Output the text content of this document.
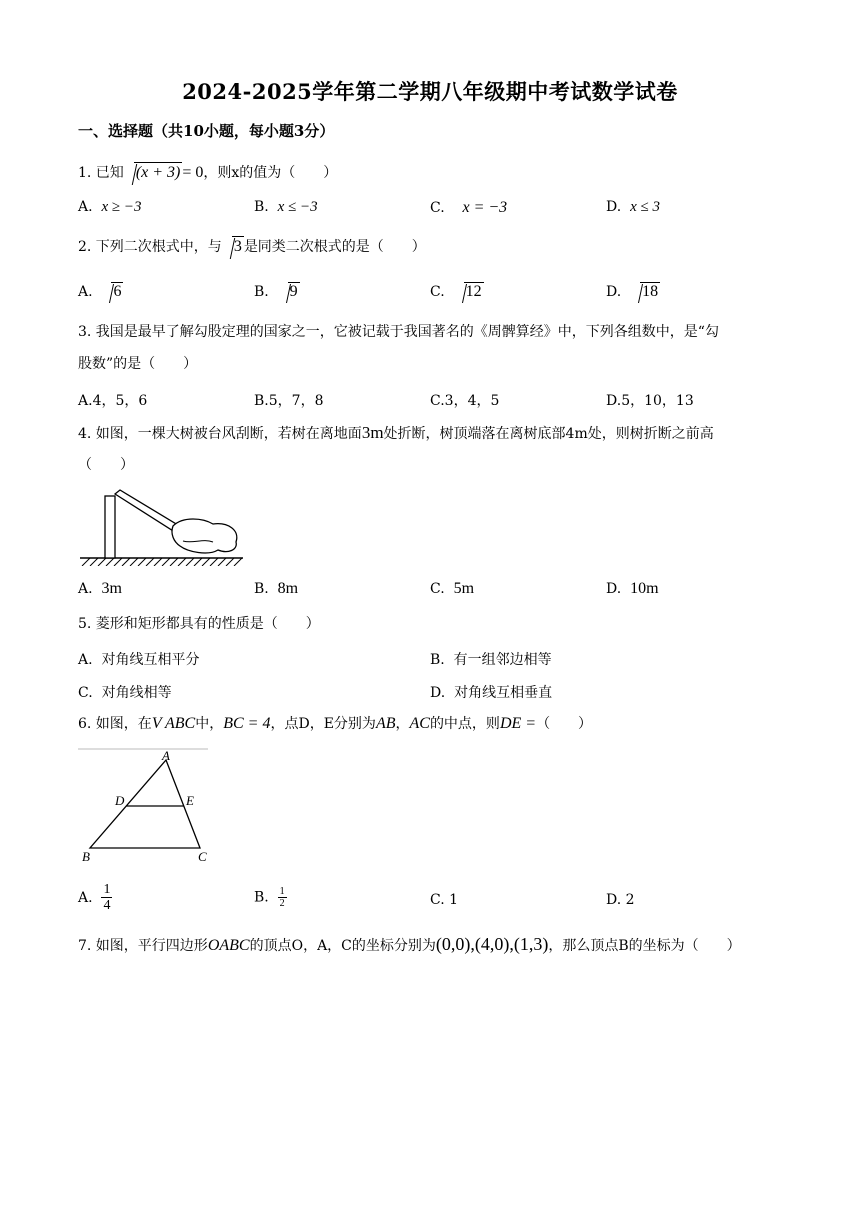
2024-2025学年第二学期八年级期中考试数学试卷
一、选择题（共10小题，每小题3分）
1. 已知 (x + 3) = 0，则x的值为（　　）
A. x ≥ −3	B. x ≤ −3	C. x = −3	D. x ≤ 3
2. 下列二次根式中，与 3 是同类二次根式的是（　　）
A. 6	B. 9	C. 12	D. 18
3. 我国是最早了解勾股定理的国家之一，它被记载于我国著名的《周髀算经》中，下列各组数中，是“勾
股数”的是（　　）
A.4，5，6	B.5，7，8	C.3，4，5	D.5，10，13
4. 如图，一棵大树被台风刮断，若树在离地面3m处折断，树顶端落在离树底部4m处，则树折断之前高
（　　）
A. 3m	B. 8m	C. 5m	D. 10m
5. 菱形和矩形都具有的性质是（　　）
A. 对角线互相平分	B. 有一组邻边相等
C. 对角线相等	D. 对角线互相垂直
6. 如图，在V ABC中，BC = 4，点D，E分别为AB，AC的中点，则DE =（　　）
A
D	E
B	C
A. $\frac{1}{4}$	B. $\frac{1}{2}$	C. 1	D. 2
7. 如图，平行四边形OABC的顶点O，A，C的坐标分别为(0,0),(4,0),(1,3)，那么顶点B的坐标为（　　）
